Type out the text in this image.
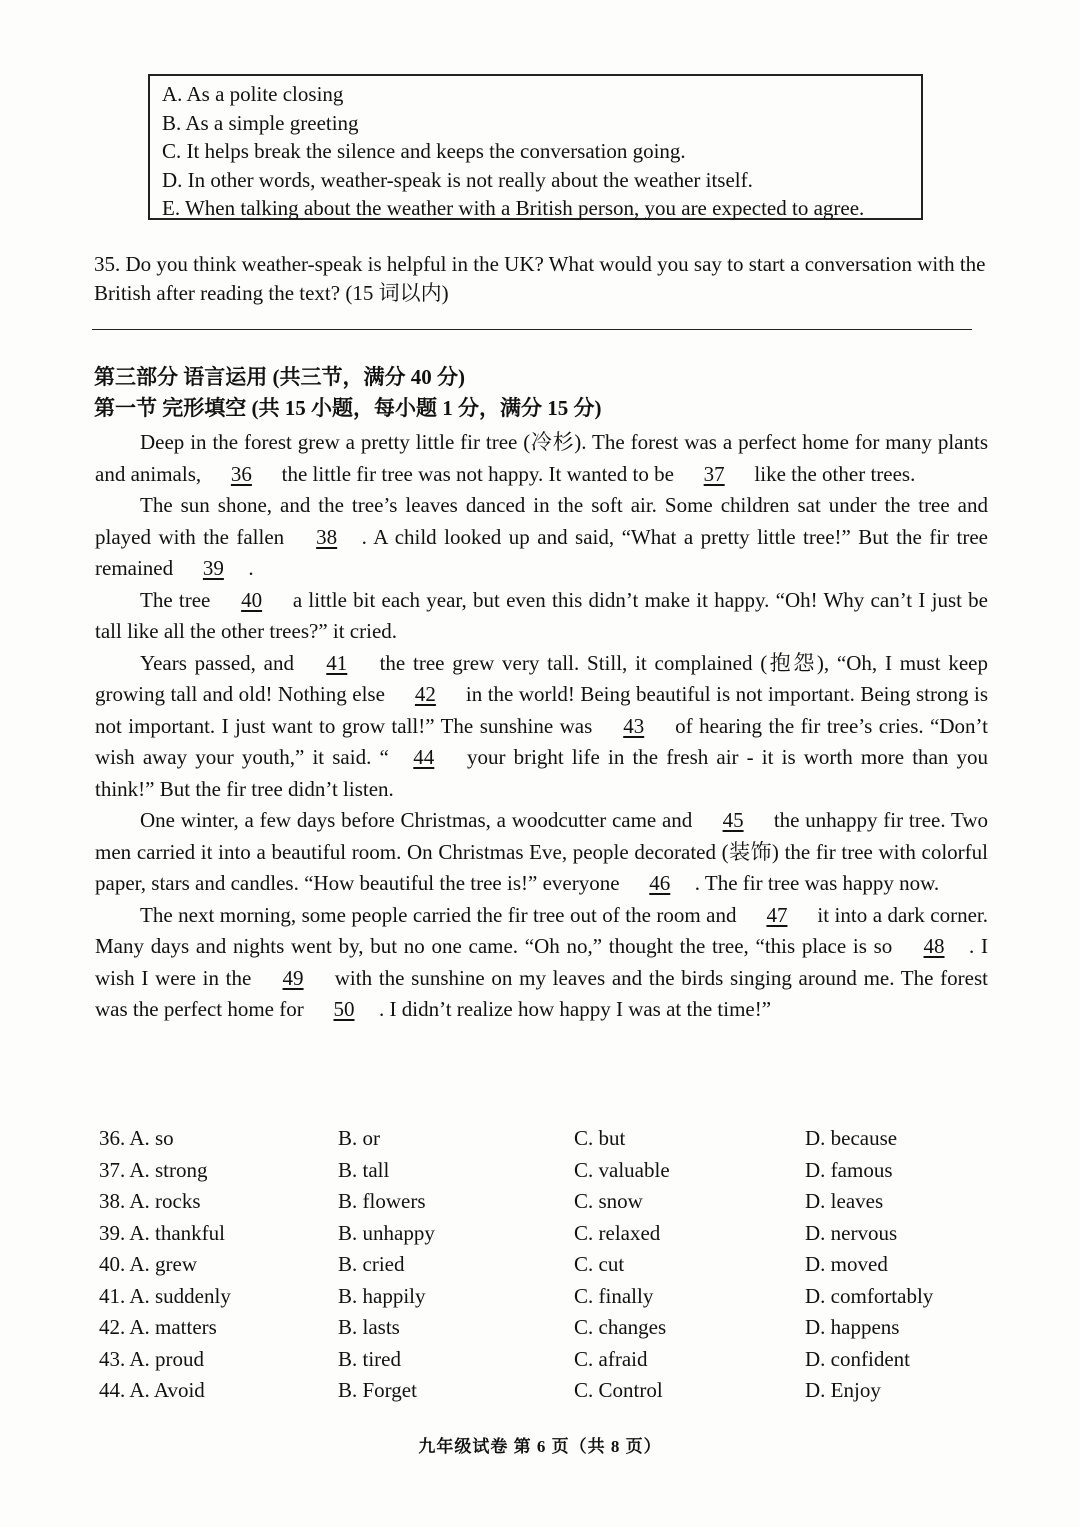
A. As a polite closing
B. As a simple greeting
C. It helps break the silence and keeps the conversation going.
D. In other words, weather-speak is not really about the weather itself.
E. When talking about the weather with a British person, you are expected to agree.
35. Do you think weather-speak is helpful in the UK? What would you say to start a conversation with the British after reading the text? (15 词以内)
第三部分 语言运用 (共三节，满分 40 分)
第一节 完形填空 (共 15 小题，每小题 1 分，满分 15 分)

Deep in the forest grew a pretty little fir tree (冷杉). The forest was a perfect home for many plants and animals, 36 the little fir tree was not happy. It wanted to be 37 like the other trees.

The sun shone, and the tree’s leaves danced in the soft air. Some children sat under the tree and played with the fallen 38 . A child looked up and said, “What a pretty little tree!” But the fir tree remained 39 .

The tree 40 a little bit each year, but even this didn’t make it happy. “Oh! Why can’t I just be tall like all the other trees?” it cried.

Years passed, and 41 the tree grew very tall. Still, it complained (抱怨), “Oh, I must keep growing tall and old! Nothing else 42 in the world! Being beautiful is not important. Being strong is not important. I just want to grow tall!” The sunshine was 43 of hearing the fir tree’s cries. “Don’t wish away your youth,” it said. “ 44 your bright life in the fresh air - it is worth more than you think!” But the fir tree didn’t listen.

One winter, a few days before Christmas, a woodcutter came and 45 the unhappy fir tree. Two men carried it into a beautiful room. On Christmas Eve, people decorated (装饰) the fir tree with colorful paper, stars and candles. “How beautiful the tree is!” everyone 46 . The fir tree was happy now.

The next morning, some people carried the fir tree out of the room and 47 it into a dark corner. Many days and nights went by, but no one came. “Oh no,” thought the tree, “this place is so 48 . I wish I were in the 49 with the sunshine on my leaves and the birds singing around me. The forest was the perfect home for 50 . I didn’t realize how happy I was at the time!”

36. A. so	B. or	C. but	D. because
37. A. strong	B. tall	C. valuable	D. famous
38. A. rocks	B. flowers	C. snow	D. leaves
39. A. thankful	B. unhappy	C. relaxed	D. nervous
40. A. grew	B. cried	C. cut	D. moved
41. A. suddenly	B. happily	C. finally	D. comfortably
42. A. matters	B. lasts	C. changes	D. happens
43. A. proud	B. tired	C. afraid	D. confident
44. A. Avoid	B. Forget	C. Control	D. Enjoy
九年级试卷 第 6 页（共 8 页）
